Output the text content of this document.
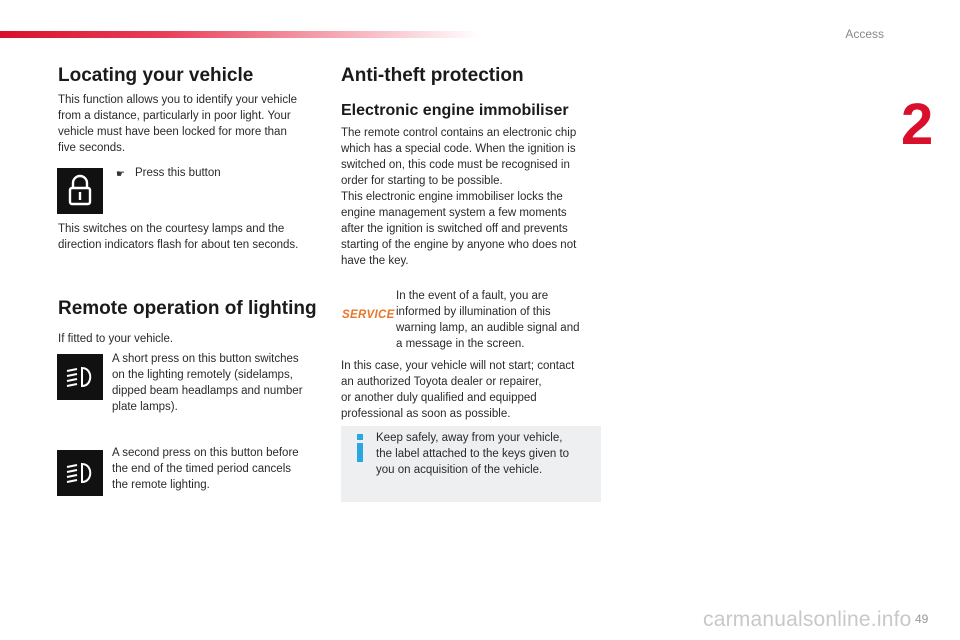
Access
2
Locating your vehicle
This function allows you to identify your vehicle
from a distance, particularly in poor light. Your
vehicle must have been locked for more than
five seconds.
☛ Press this button
This switches on the courtesy lamps and the
direction indicators flash for about ten seconds.
Remote operation of lighting
If fitted to your vehicle.
A short press on this button switches
on the lighting remotely (sidelamps,
dipped beam headlamps and number
plate lamps).
A second press on this button before
the end of the timed period cancels
the remote lighting.
Anti-theft protection
Electronic engine immobiliser
The remote control contains an electronic chip
which has a special code. When the ignition is
switched on, this code must be recognised in
order for starting to be possible.
This electronic engine immobiliser locks the
engine management system a few moments
after the ignition is switched off and prevents
starting of the engine by anyone who does not
have the key.
SERVICE
In the event of a fault, you are
informed by illumination of this
warning lamp, an audible signal and
a message in the screen.
In this case, your vehicle will not start; contact
an authorized Toyota dealer or repairer,
or another duly qualified and equipped
professional as soon as possible.
Keep safely, away from your vehicle,
the label attached to the keys given to
you on acquisition of the vehicle.
carmanualsonline.info 49
